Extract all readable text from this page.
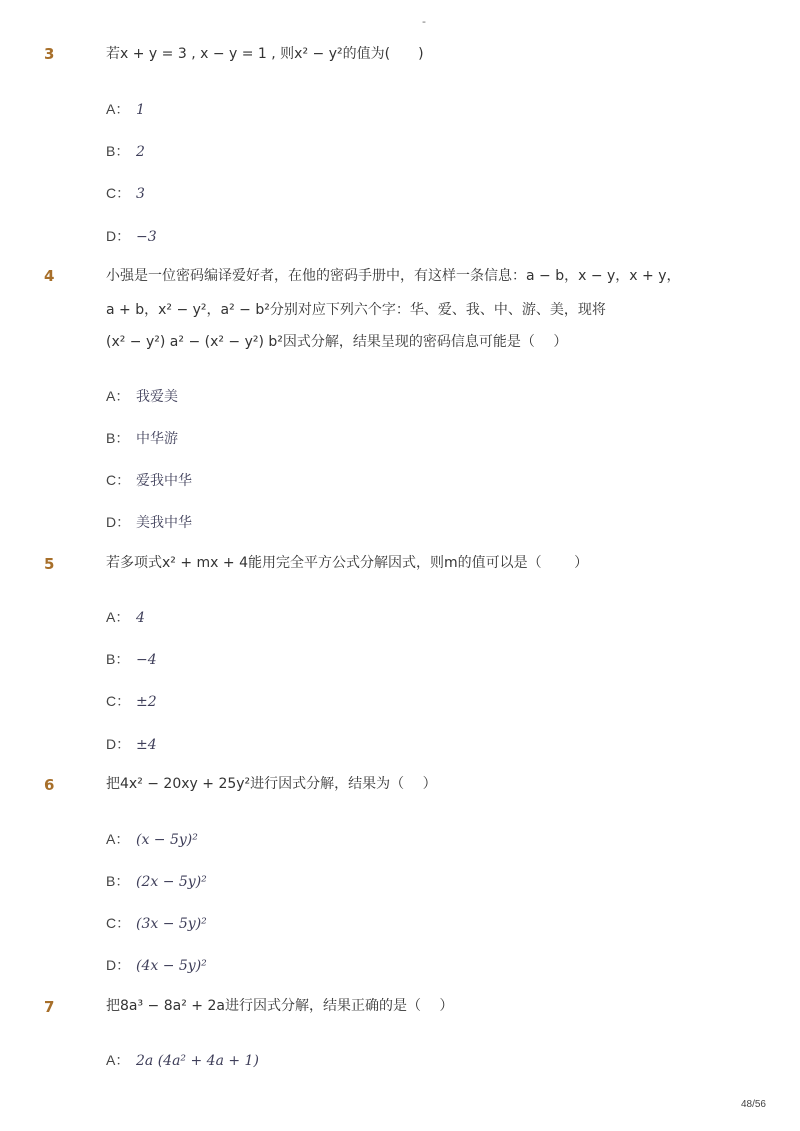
-
3	若x + y = 3 , x − y = 1 , 则x² − y²的值为(　　)
A： 1
B： 2
C： 3
D： −3
4	小强是一位密码编译爱好者，在他的密码手册中，有这样一条信息：a − b，x − y，x + y，
a + b，x² − y²，a² − b²分别对应下列六个字：华、爱、我、中、游、美，现将
(x² − y²) a² − (x² − y²) b²因式分解，结果呈现的密码信息可能是（　 ）
A： 我爱美
B： 中华游
C： 爱我中华
D： 美我中华
5	若多项式x² + mx + 4能用完全平方公式分解因式，则m的值可以是（　　 ）
A： 4
B： −4
C： ±2
D： ±4
6	把4x² − 20xy + 25y²进行因式分解，结果为（　 ）
A： (x − 5y)²
B： (2x − 5y)²
C： (3x − 5y)²
D： (4x − 5y)²
7	把8a³ − 8a² + 2a进行因式分解，结果正确的是（　 ）
A： 2a (4a² + 4a + 1)
48/56
